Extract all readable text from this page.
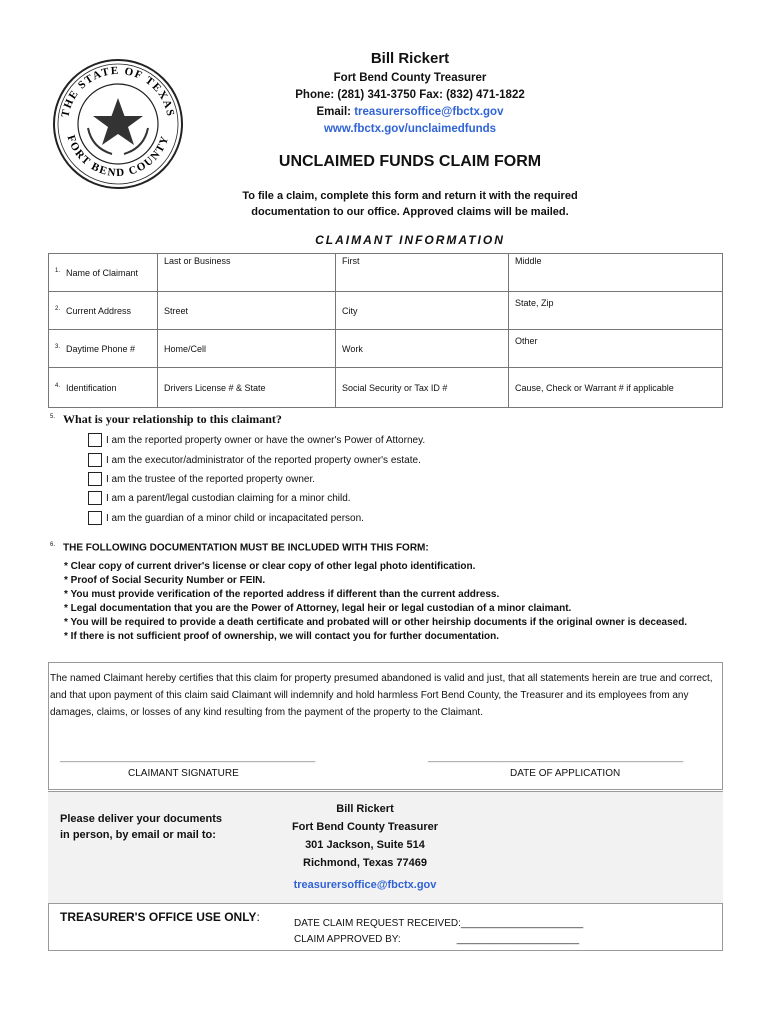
THE STATE OF TEXAS
FORT BEND COUNTY
Bill Rickert
Fort Bend County Treasurer
Phone: (281) 341-3750 Fax: (832) 471-1822
Email: treasurersoffice@fbctx.gov
www.fbctx.gov/unclaimedfunds
UNCLAIMED FUNDS CLAIM FORM
To file a claim, complete this form and return it with the required documentation to our office. Approved claims will be mailed.
CLAIMANT INFORMATION
$^{1.}$ Name of Claimant	Last or Business	First	Middle
$^{2.}$ Current Address	Street	City	State, Zip
$^{3.}$ Daytime Phone #	Home/Cell	Work	Other
$^{4.}$ Identification	Drivers License # & State	Social Security or Tax ID #	Cause, Check or Warrant # if applicable
$^{5.}$ What is your relationship to this claimant?
I am the reported property owner or have the owner's Power of Attorney.
I am the executor/administrator of the reported property owner's estate.
I am the trustee of the reported property owner.
I am a parent/legal custodian claiming for a minor child.
I am the guardian of a minor child or incapacitated person.
$^{6.}$ THE FOLLOWING DOCUMENTATION MUST BE INCLUDED WITH THIS FORM:
* Clear copy of current driver's license or clear copy of other legal photo identification.
* Proof of Social Security Number or FEIN.
* You must provide verification of the reported address if different than the current address.
* Legal documentation that you are the Power of Attorney, legal heir or legal custodian of a minor claimant.
* You will be required to provide a death certificate and probated will or other heirship documents if the original owner is deceased.
* If there is not sufficient proof of ownership, we will contact you for further documentation.
The named Claimant hereby certifies that this claim for property presumed abandoned is valid and just, that all statements herein are true and correct, and that upon payment of this claim said Claimant will indemnify and hold harmless Fort Bend County, the Treasurer and its employees from any damages, claims, or losses of any kind resulting from the payment of the property to the Claimant.
___________________________________________________	___________________________________________________
CLAIMANT SIGNATURE	DATE OF APPLICATION
Please deliver your documents
in person, by email or mail to:
Bill Rickert
Fort Bend County Treasurer
301 Jackson, Suite 514
Richmond, Texas 77469
treasurersoffice@fbctx.gov
TREASURER'S OFFICE USE ONLY:	DATE CLAIM REQUEST RECEIVED:______________________
CLAIM APPROVED BY:	______________________
